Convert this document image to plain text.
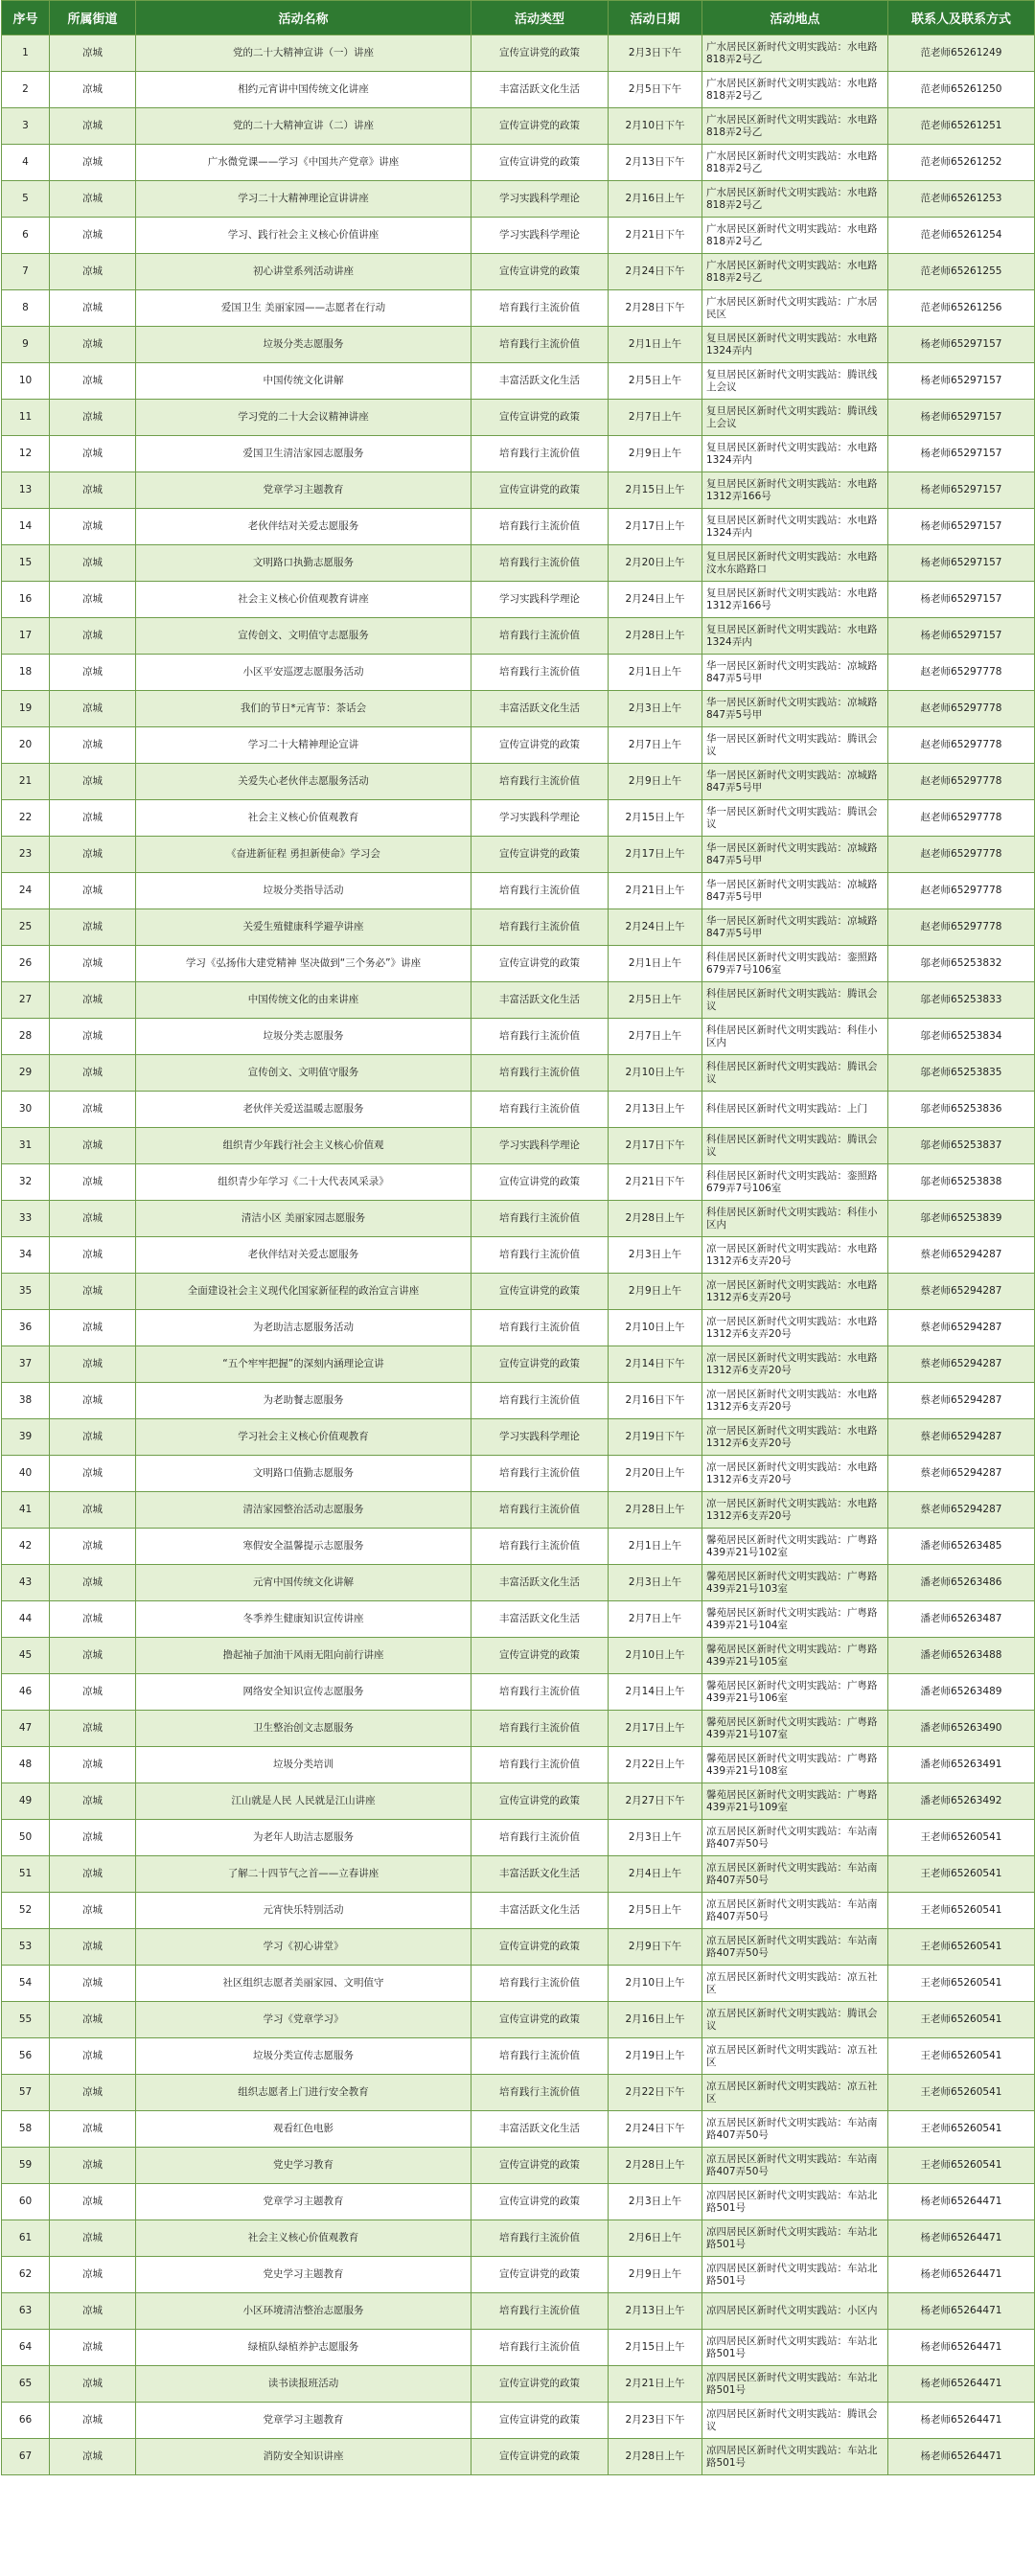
序号	所属街道	活动名称	活动类型	活动日期	活动地点	联系人及联系方式
1	凉城	党的二十大精神宣讲（一）讲座	宣传宣讲党的政策	2月3日下午	广水居民区新时代文明实践站：水电路818弄2号乙	范老师65261249
2	凉城	相约元宵讲中国传统文化讲座	丰富活跃文化生活	2月5日下午	广水居民区新时代文明实践站：水电路818弄2号乙	范老师65261250
3	凉城	党的二十大精神宣讲（二）讲座	宣传宣讲党的政策	2月10日下午	广水居民区新时代文明实践站：水电路818弄2号乙	范老师65261251
4	凉城	广水微党课——学习《中国共产党章》讲座	宣传宣讲党的政策	2月13日下午	广水居民区新时代文明实践站：水电路818弄2号乙	范老师65261252
5	凉城	学习二十大精神理论宣讲讲座	学习实践科学理论	2月16日上午	广水居民区新时代文明实践站：水电路818弄2号乙	范老师65261253
6	凉城	学习、践行社会主义核心价值讲座	学习实践科学理论	2月21日下午	广水居民区新时代文明实践站：水电路818弄2号乙	范老师65261254
7	凉城	初心讲堂系列活动讲座	宣传宣讲党的政策	2月24日下午	广水居民区新时代文明实践站：水电路818弄2号乙	范老师65261255
8	凉城	爱国卫生 美丽家园——志愿者在行动	培育践行主流价值	2月28日下午	广水居民区新时代文明实践站：广水居民区	范老师65261256
9	凉城	垃圾分类志愿服务	培育践行主流价值	2月1日上午	复旦居民区新时代文明实践站：水电路1324弄内	杨老师65297157
10	凉城	中国传统文化讲解	丰富活跃文化生活	2月5日上午	复旦居民区新时代文明实践站：腾讯线上会议	杨老师65297157
11	凉城	学习党的二十大会议精神讲座	宣传宣讲党的政策	2月7日上午	复旦居民区新时代文明实践站：腾讯线上会议	杨老师65297157
12	凉城	爱国卫生清洁家园志愿服务	培育践行主流价值	2月9日上午	复旦居民区新时代文明实践站：水电路1324弄内	杨老师65297157
13	凉城	党章学习主题教育	宣传宣讲党的政策	2月15日上午	复旦居民区新时代文明实践站：水电路1312弄166号	杨老师65297157
14	凉城	老伙伴结对关爱志愿服务	培育践行主流价值	2月17日上午	复旦居民区新时代文明实践站：水电路1324弄内	杨老师65297157
15	凉城	文明路口执勤志愿服务	培育践行主流价值	2月20日上午	复旦居民区新时代文明实践站：水电路汶水东路路口	杨老师65297157
16	凉城	社会主义核心价值观教育讲座	学习实践科学理论	2月24日上午	复旦居民区新时代文明实践站：水电路1312弄166号	杨老师65297157
17	凉城	宣传创文、文明值守志愿服务	培育践行主流价值	2月28日上午	复旦居民区新时代文明实践站：水电路1324弄内	杨老师65297157
18	凉城	小区平安巡逻志愿服务活动	培育践行主流价值	2月1日上午	华一居民区新时代文明实践站：凉城路847弄5号甲	赵老师65297778
19	凉城	我们的节日*元宵节：茶话会	丰富活跃文化生活	2月3日上午	华一居民区新时代文明实践站：凉城路847弄5号甲	赵老师65297778
20	凉城	学习二十大精神理论宣讲	宣传宣讲党的政策	2月7日上午	华一居民区新时代文明实践站：腾讯会议	赵老师65297778
21	凉城	关爱失心老伙伴志愿服务活动	培育践行主流价值	2月9日上午	华一居民区新时代文明实践站：凉城路847弄5号甲	赵老师65297778
22	凉城	社会主义核心价值观教育	学习实践科学理论	2月15日上午	华一居民区新时代文明实践站：腾讯会议	赵老师65297778
23	凉城	《奋进新征程 勇担新使命》学习会	宣传宣讲党的政策	2月17日上午	华一居民区新时代文明实践站：凉城路847弄5号甲	赵老师65297778
24	凉城	垃圾分类指导活动	培育践行主流价值	2月21日上午	华一居民区新时代文明实践站：凉城路847弄5号甲	赵老师65297778
25	凉城	关爱生殖健康科学避孕讲座	培育践行主流价值	2月24日上午	华一居民区新时代文明实践站：凉城路847弄5号甲	赵老师65297778
26	凉城	学习《弘扬伟大建党精神 坚决做到“三个务必”》讲座	宣传宣讲党的政策	2月1日上午	科佳居民区新时代文明实践站：銮照路679弄7号106室	邬老师65253832
27	凉城	中国传统文化的由来讲座	丰富活跃文化生活	2月5日上午	科佳居民区新时代文明实践站：腾讯会议	邬老师65253833
28	凉城	垃圾分类志愿服务	培育践行主流价值	2月7日上午	科佳居民区新时代文明实践站：科佳小区内	邬老师65253834
29	凉城	宣传创文、文明值守服务	培育践行主流价值	2月10日上午	科佳居民区新时代文明实践站：腾讯会议	邬老师65253835
30	凉城	老伙伴关爱送温暖志愿服务	培育践行主流价值	2月13日上午	科佳居民区新时代文明实践站：上门	邬老师65253836
31	凉城	组织青少年践行社会主义核心价值观	学习实践科学理论	2月17日下午	科佳居民区新时代文明实践站：腾讯会议	邬老师65253837
32	凉城	组织青少年学习《二十大代表风采录》	宣传宣讲党的政策	2月21日下午	科佳居民区新时代文明实践站：銮照路679弄7号106室	邬老师65253838
33	凉城	清洁小区 美丽家园志愿服务	培育践行主流价值	2月28日上午	科佳居民区新时代文明实践站：科佳小区内	邬老师65253839
34	凉城	老伙伴结对关爱志愿服务	培育践行主流价值	2月3日上午	凉一居民区新时代文明实践站：水电路1312弄6支弄20号	蔡老师65294287
35	凉城	全面建设社会主义现代化国家新征程的政治宣言讲座	宣传宣讲党的政策	2月9日上午	凉一居民区新时代文明实践站：水电路1312弄6支弄20号	蔡老师65294287
36	凉城	为老助洁志愿服务活动	培育践行主流价值	2月10日上午	凉一居民区新时代文明实践站：水电路1312弄6支弄20号	蔡老师65294287
37	凉城	“五个牢牢把握”的深刻内涵理论宣讲	宣传宣讲党的政策	2月14日下午	凉一居民区新时代文明实践站：水电路1312弄6支弄20号	蔡老师65294287
38	凉城	为老助餐志愿服务	培育践行主流价值	2月16日下午	凉一居民区新时代文明实践站：水电路1312弄6支弄20号	蔡老师65294287
39	凉城	学习社会主义核心价值观教育	学习实践科学理论	2月19日下午	凉一居民区新时代文明实践站：水电路1312弄6支弄20号	蔡老师65294287
40	凉城	文明路口值勤志愿服务	培育践行主流价值	2月20日上午	凉一居民区新时代文明实践站：水电路1312弄6支弄20号	蔡老师65294287
41	凉城	清洁家园整治活动志愿服务	培育践行主流价值	2月28日上午	凉一居民区新时代文明实践站：水电路1312弄6支弄20号	蔡老师65294287
42	凉城	寒假安全温馨提示志愿服务	培育践行主流价值	2月1日上午	馨苑居民区新时代文明实践站：广粤路439弄21号102室	潘老师65263485
43	凉城	元宵中国传统文化讲解	丰富活跃文化生活	2月3日上午	馨苑居民区新时代文明实践站：广粤路439弄21号103室	潘老师65263486
44	凉城	冬季养生健康知识宣传讲座	丰富活跃文化生活	2月7日上午	馨苑居民区新时代文明实践站：广粤路439弄21号104室	潘老师65263487
45	凉城	撸起袖子加油干风雨无阻向前行讲座	宣传宣讲党的政策	2月10日上午	馨苑居民区新时代文明实践站：广粤路439弄21号105室	潘老师65263488
46	凉城	网络安全知识宣传志愿服务	培育践行主流价值	2月14日上午	馨苑居民区新时代文明实践站：广粤路439弄21号106室	潘老师65263489
47	凉城	卫生整治创文志愿服务	培育践行主流价值	2月17日上午	馨苑居民区新时代文明实践站：广粤路439弄21号107室	潘老师65263490
48	凉城	垃圾分类培训	培育践行主流价值	2月22日上午	馨苑居民区新时代文明实践站：广粤路439弄21号108室	潘老师65263491
49	凉城	江山就是人民 人民就是江山讲座	宣传宣讲党的政策	2月27日下午	馨苑居民区新时代文明实践站：广粤路439弄21号109室	潘老师65263492
50	凉城	为老年人助洁志愿服务	培育践行主流价值	2月3日上午	凉五居民区新时代文明实践站：车站南路407弄50号	王老师65260541
51	凉城	了解二十四节气之首——立春讲座	丰富活跃文化生活	2月4日上午	凉五居民区新时代文明实践站：车站南路407弄50号	王老师65260541
52	凉城	元宵快乐特别活动	丰富活跃文化生活	2月5日上午	凉五居民区新时代文明实践站：车站南路407弄50号	王老师65260541
53	凉城	学习《初心讲堂》	宣传宣讲党的政策	2月9日下午	凉五居民区新时代文明实践站：车站南路407弄50号	王老师65260541
54	凉城	社区组织志愿者美丽家园、文明值守	培育践行主流价值	2月10日上午	凉五居民区新时代文明实践站：凉五社区	王老师65260541
55	凉城	学习《党章学习》	宣传宣讲党的政策	2月16日上午	凉五居民区新时代文明实践站：腾讯会议	王老师65260541
56	凉城	垃圾分类宣传志愿服务	培育践行主流价值	2月19日上午	凉五居民区新时代文明实践站：凉五社区	王老师65260541
57	凉城	组织志愿者上门进行安全教育	培育践行主流价值	2月22日下午	凉五居民区新时代文明实践站：凉五社区	王老师65260541
58	凉城	观看红色电影	丰富活跃文化生活	2月24日下午	凉五居民区新时代文明实践站：车站南路407弄50号	王老师65260541
59	凉城	党史学习教育	宣传宣讲党的政策	2月28日上午	凉五居民区新时代文明实践站：车站南路407弄50号	王老师65260541
60	凉城	党章学习主题教育	宣传宣讲党的政策	2月3日上午	凉四居民区新时代文明实践站：车站北路501号	杨老师65264471
61	凉城	社会主义核心价值观教育	培育践行主流价值	2月6日上午	凉四居民区新时代文明实践站：车站北路501号	杨老师65264471
62	凉城	党史学习主题教育	宣传宣讲党的政策	2月9日上午	凉四居民区新时代文明实践站：车站北路501号	杨老师65264471
63	凉城	小区环境清洁整治志愿服务	培育践行主流价值	2月13日上午	凉四居民区新时代文明实践站：小区内	杨老师65264471
64	凉城	绿植队绿植养护志愿服务	培育践行主流价值	2月15日上午	凉四居民区新时代文明实践站：车站北路501号	杨老师65264471
65	凉城	读书读报班活动	宣传宣讲党的政策	2月21日上午	凉四居民区新时代文明实践站：车站北路501号	杨老师65264471
66	凉城	党章学习主题教育	宣传宣讲党的政策	2月23日下午	凉四居民区新时代文明实践站：腾讯会议	杨老师65264471
67	凉城	消防安全知识讲座	宣传宣讲党的政策	2月28日上午	凉四居民区新时代文明实践站：车站北路501号	杨老师65264471
